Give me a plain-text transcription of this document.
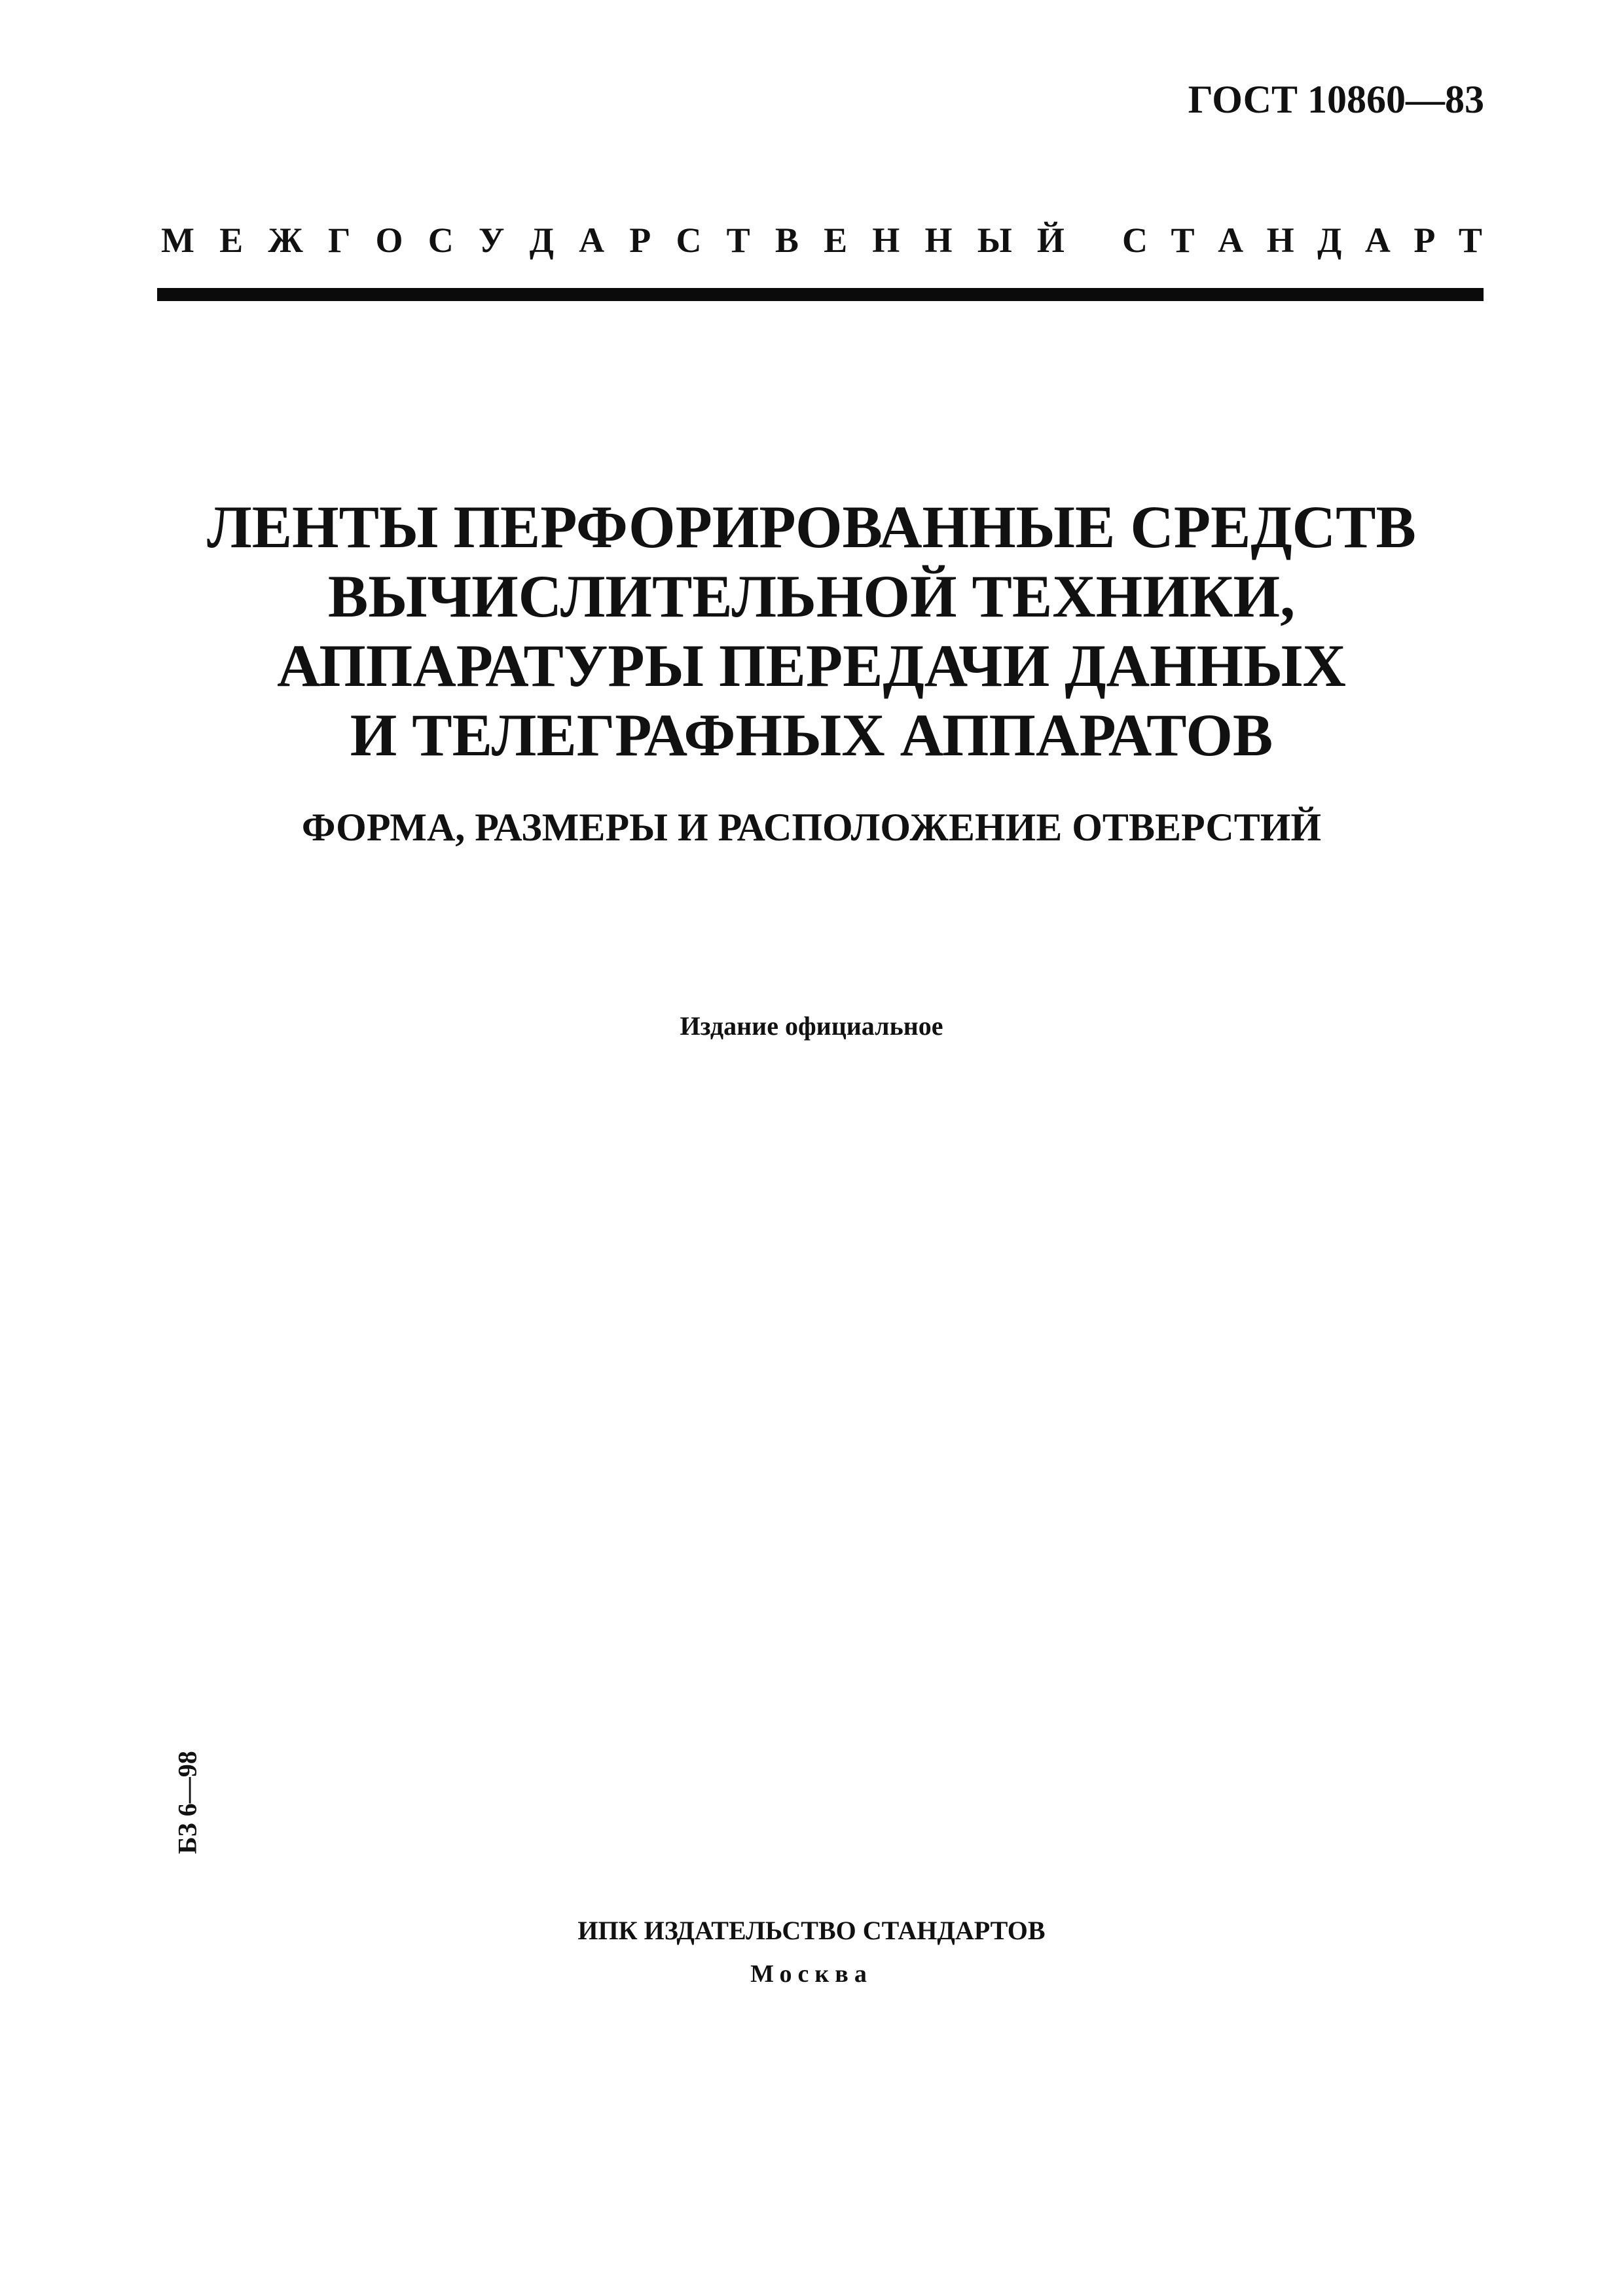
ГОСТ 10860—83
М Е Ж Г О С У Д А Р С Т В Е Н Н Ы Й С Т А Н Д А Р Т
ЛЕНТЫ ПЕРФОРИРОВАННЫЕ СРЕДСТВ
ВЫЧИСЛИТЕЛЬНОЙ ТЕХНИКИ,
АППАРАТУРЫ ПЕРЕДАЧИ ДАННЫХ
И ТЕЛЕГРАФНЫХ АППАРАТОВ
ФОРМА, РАЗМЕРЫ И РАСПОЛОЖЕНИЕ ОТВЕРСТИЙ
Издание официальное
БЗ 6—98
ИПК ИЗДАТЕЛЬСТВО СТАНДАРТОВ
Москва
